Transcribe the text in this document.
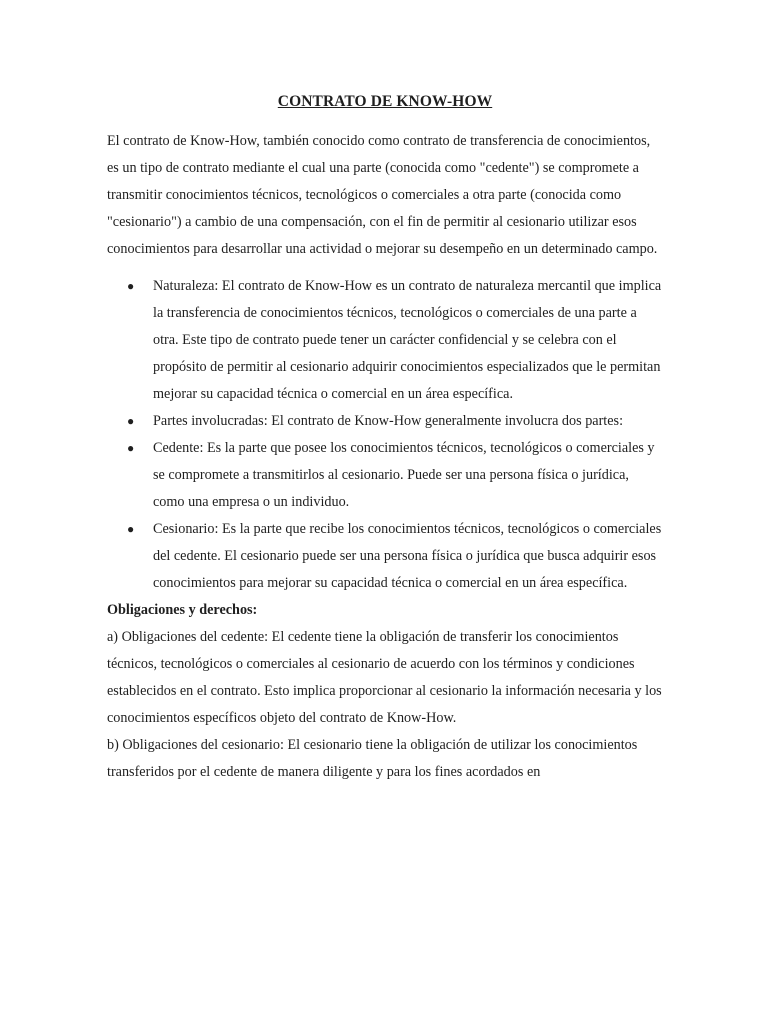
CONTRATO DE KNOW-HOW

El contrato de Know-How, también conocido como contrato de transferencia de conocimientos, es un tipo de contrato mediante el cual una parte (conocida como "cedente") se compromete a transmitir conocimientos técnicos, tecnológicos o comerciales a otra parte (conocida como "cesionario") a cambio de una compensación, con el fin de permitir al cesionario utilizar esos conocimientos para desarrollar una actividad o mejorar su desempeño en un determinado campo.

● Naturaleza: El contrato de Know-How es un contrato de naturaleza mercantil que implica la transferencia de conocimientos técnicos, tecnológicos o comerciales de una parte a otra. Este tipo de contrato puede tener un carácter confidencial y se celebra con el propósito de permitir al cesionario adquirir conocimientos especializados que le permitan mejorar su capacidad técnica o comercial en un área específica.
● Partes involucradas: El contrato de Know-How generalmente involucra dos partes:
● Cedente: Es la parte que posee los conocimientos técnicos, tecnológicos o comerciales y se compromete a transmitirlos al cesionario. Puede ser una persona física o jurídica, como una empresa o un individuo.
● Cesionario: Es la parte que recibe los conocimientos técnicos, tecnológicos o comerciales del cedente. El cesionario puede ser una persona física o jurídica que busca adquirir esos conocimientos para mejorar su capacidad técnica o comercial en un área específica.

Obligaciones y derechos:

a) Obligaciones del cedente: El cedente tiene la obligación de transferir los conocimientos técnicos, tecnológicos o comerciales al cesionario de acuerdo con los términos y condiciones establecidos en el contrato. Esto implica proporcionar al cesionario la información necesaria y los conocimientos específicos objeto del contrato de Know-How.

b) Obligaciones del cesionario: El cesionario tiene la obligación de utilizar los conocimientos transferidos por el cedente de manera diligente y para los fines acordados en
